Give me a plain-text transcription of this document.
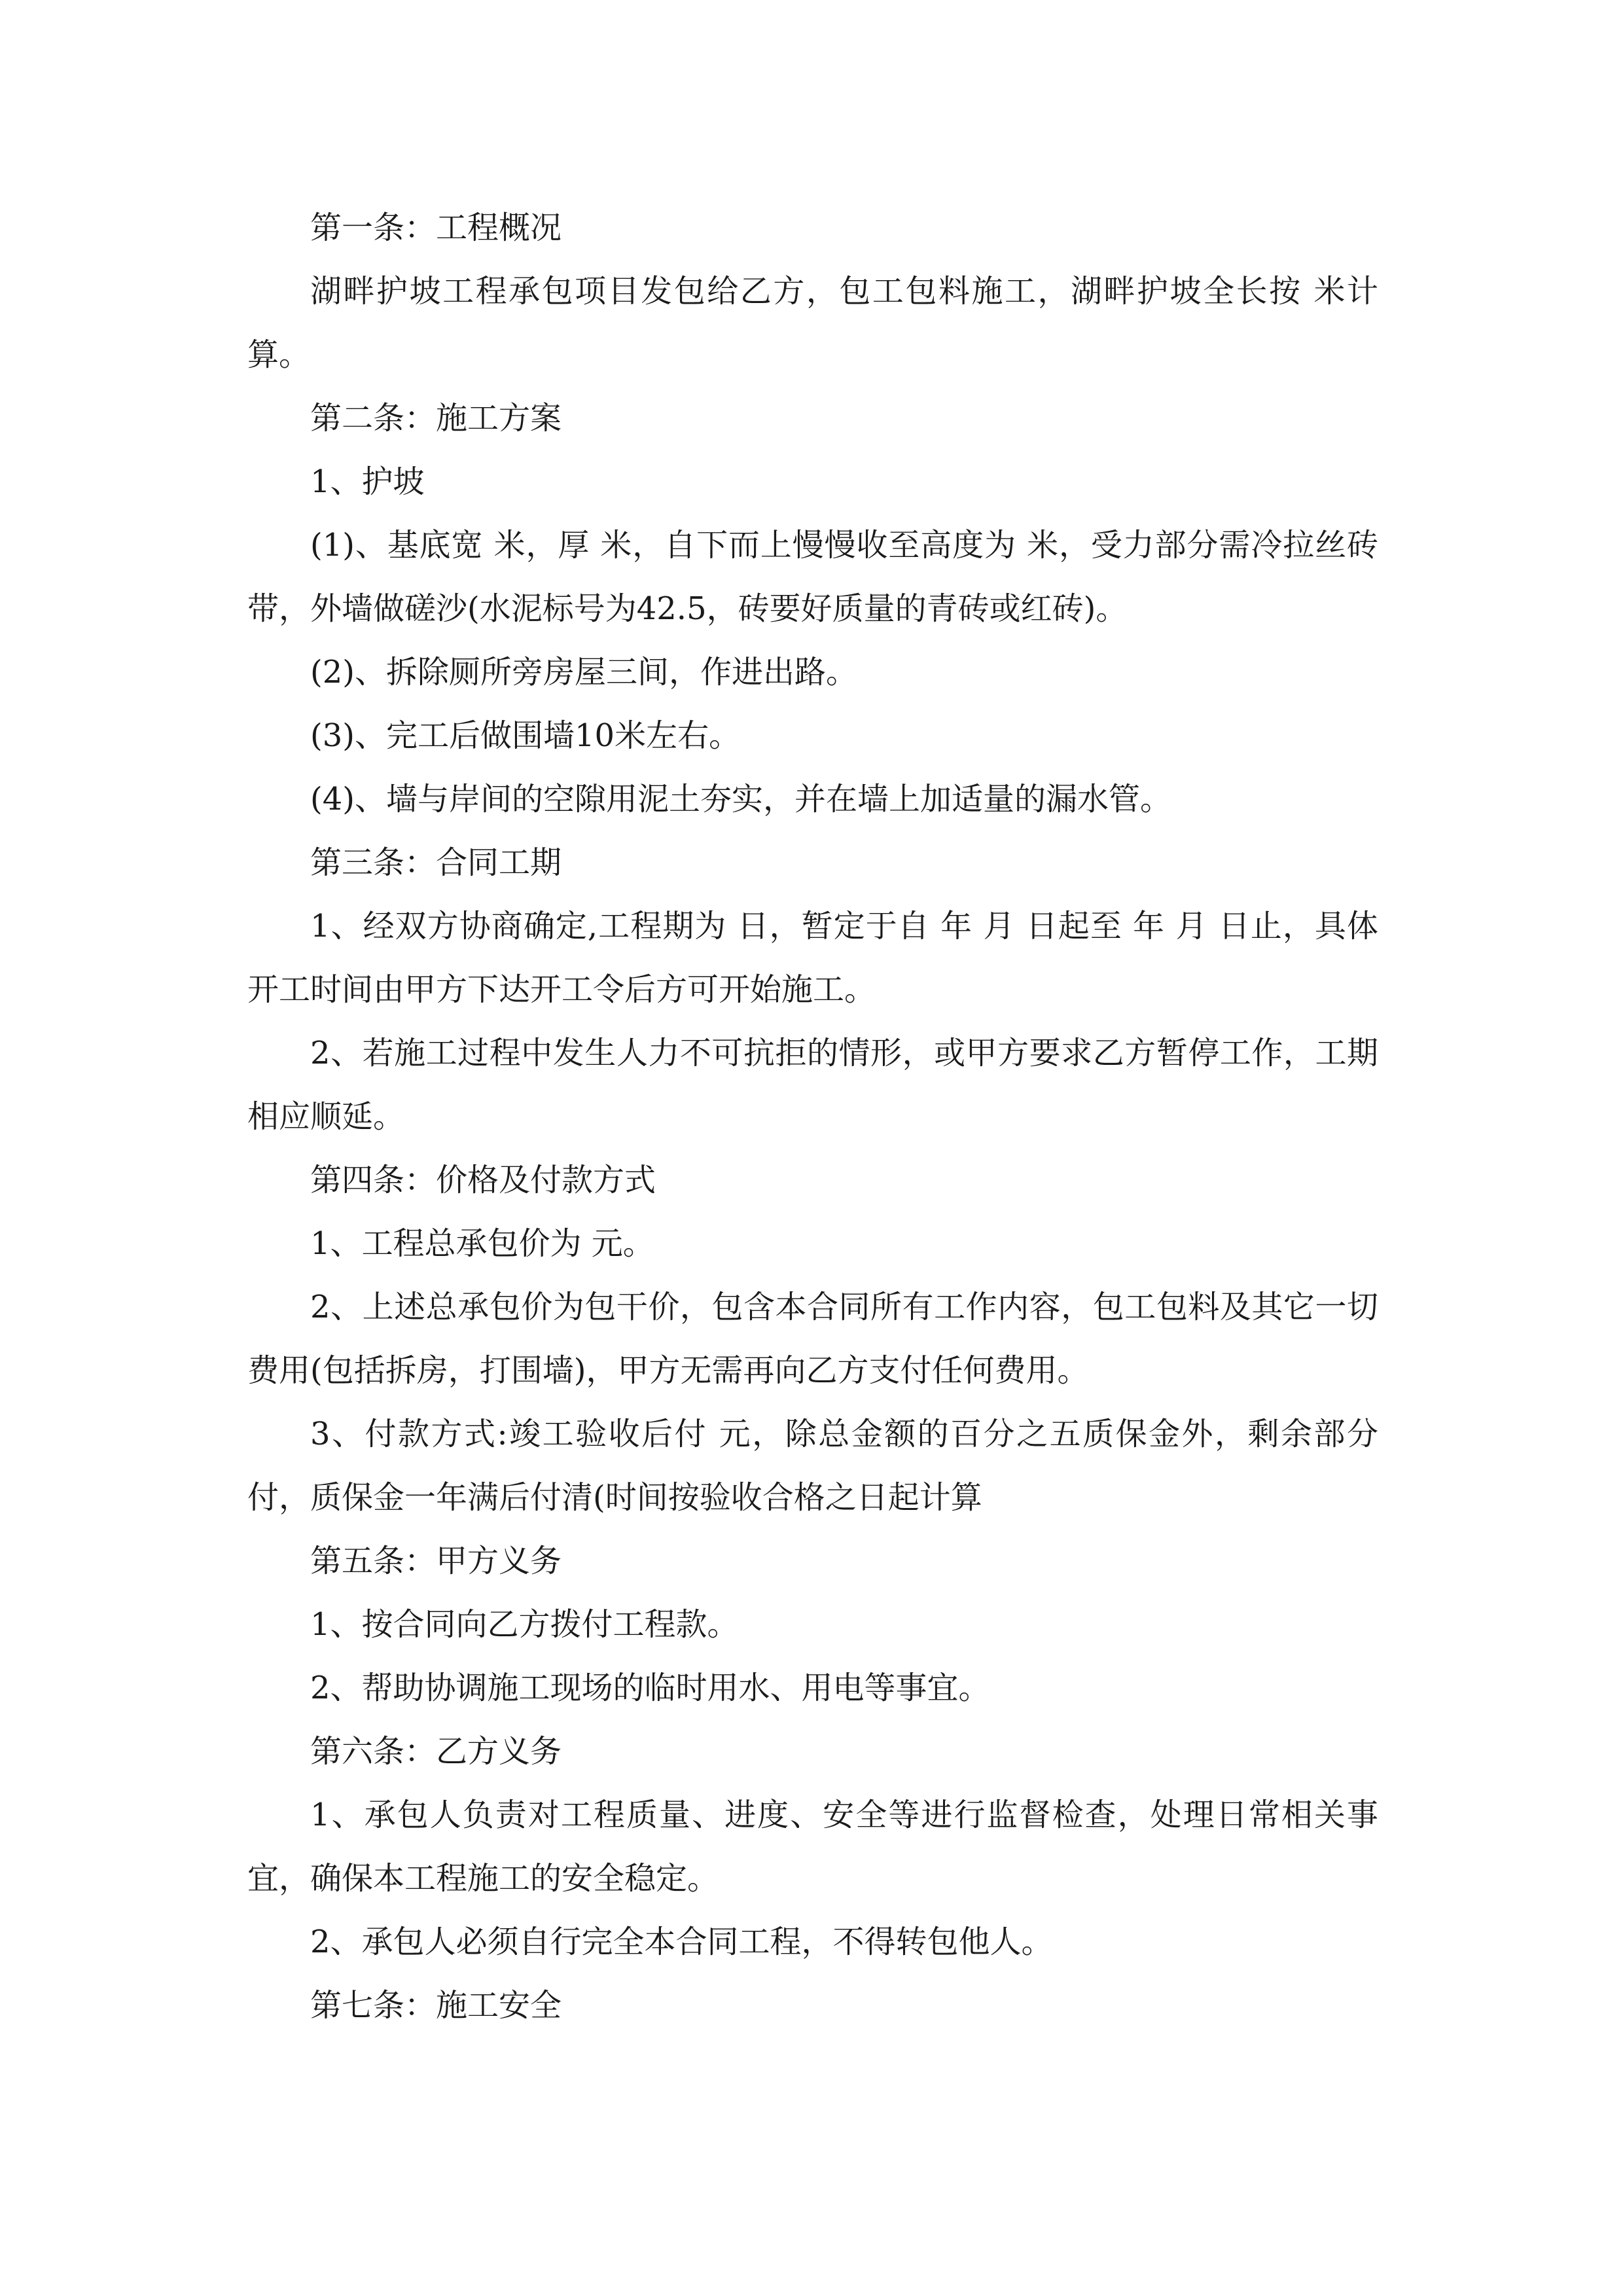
第一条：工程概况

湖畔护坡工程承包项目发包给乙方，包工包料施工，湖畔护坡全长按 米计算。

第二条：施工方案

1、护坡

(1)、基底宽 米，厚 米，自下而上慢慢收至高度为 米，受力部分需冷拉丝砖带，外墙做磋沙(水泥标号为42.5，砖要好质量的青砖或红砖)。

(2)、拆除厕所旁房屋三间，作进出路。

(3)、完工后做围墙10米左右。

(4)、墙与岸间的空隙用泥土夯实，并在墙上加适量的漏水管。

第三条：合同工期

1、经双方协商确定,工程期为 日，暂定于自 年 月 日起至 年 月 日止，具体开工时间由甲方下达开工令后方可开始施工。

2、若施工过程中发生人力不可抗拒的情形，或甲方要求乙方暂停工作，工期相应顺延。

第四条：价格及付款方式

1、工程总承包价为 元。

2、上述总承包价为包干价，包含本合同所有工作内容，包工包料及其它一切费用(包括拆房，打围墙)，甲方无需再向乙方支付任何费用。

3、付款方式:竣工验收后付 元，除总金额的百分之五质保金外，剩余部分付，质保金一年满后付清(时间按验收合格之日起计算

第五条：甲方义务

1、按合同向乙方拨付工程款。

2、帮助协调施工现场的临时用水、用电等事宜。

第六条：乙方义务

1、承包人负责对工程质量、进度、安全等进行监督检查，处理日常相关事宜，确保本工程施工的安全稳定。

2、承包人必须自行完全本合同工程，不得转包他人。

第七条：施工安全
